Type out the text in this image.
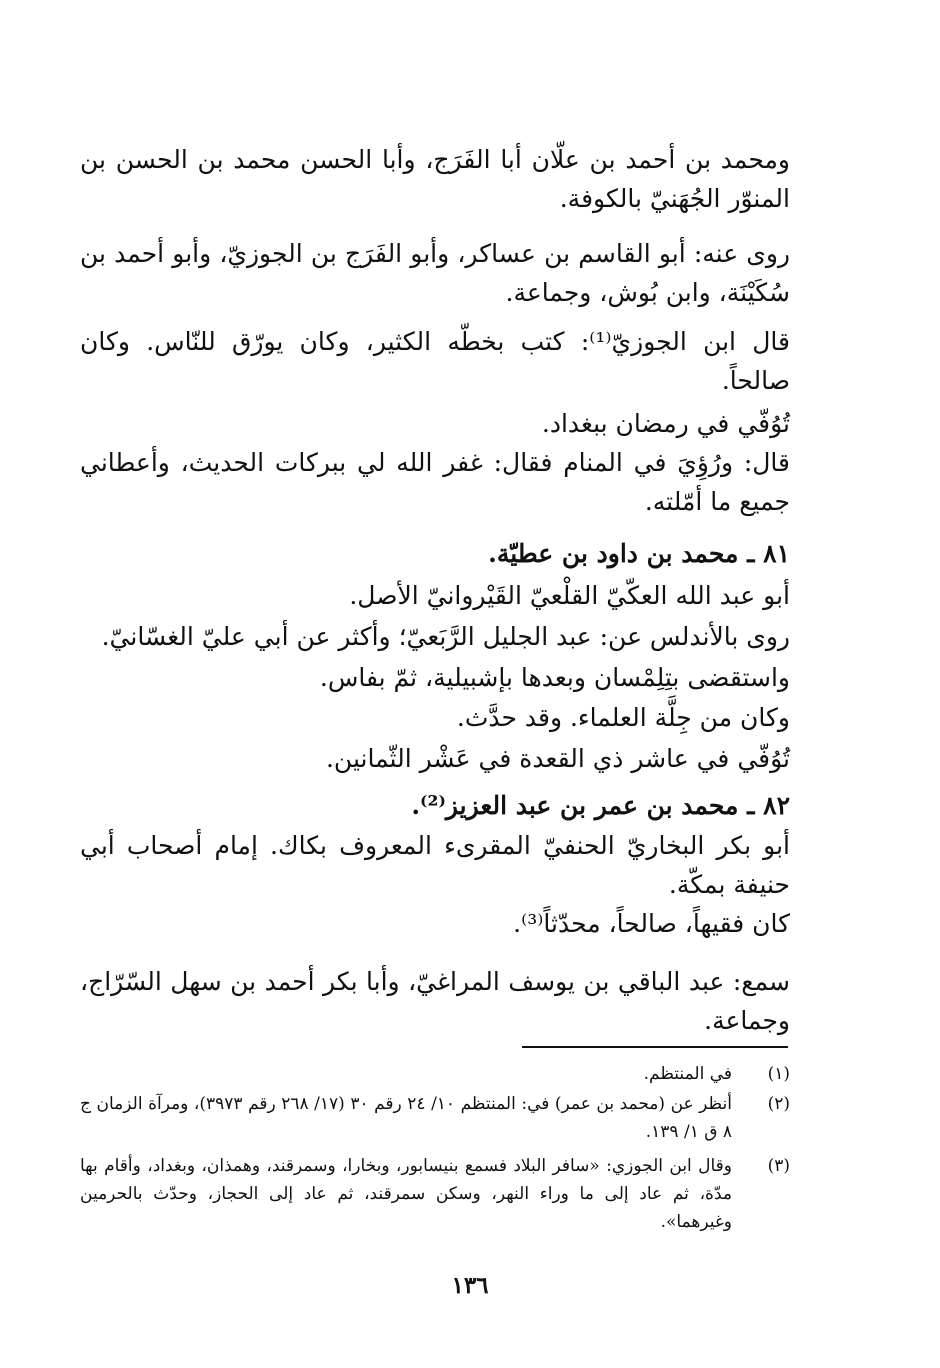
ومحمد بن أحمد بن علّان أبا الفَرَج، وأبا الحسن محمد بن الحسن بن المنوّر الجُهَنيّ بالكوفة.

روى عنه: أبو القاسم بن عساكر، وأبو الفَرَج بن الجوزيّ، وأبو أحمد بن سُكَيْنَة، وابن بُوش، وجماعة.

قال ابن الجوزيّ⁽¹⁾: كتب بخطّه الكثير، وكان يورّق للنّاس. وكان صالحاً.

تُوُفّي في رمضان ببغداد.

قال: ورُؤِيَ في المنام فقال: غفر الله لي ببركات الحديث، وأعطاني جميع ما أمّلته.

٨١ ـ محمد بن داود بن عطيّة.
أبو عبد الله العكّيّ القلْعيّ القَيْروانيّ الأصل.
روى بالأندلس عن: عبد الجليل الرَّبَعيّ؛ وأكثر عن أبي عليّ الغسّانيّ.
واستقضى بتِلِمْسان وبعدها بإشبيلية، ثمّ بفاس.
وكان من جِلَّة العلماء. وقد حدَّث.
تُوُفّي في عاشر ذي القعدة في عَشْر الثّمانين.
٨٢ ـ محمد بن عمر بن عبد العزيز⁽²⁾.

أبو بكر البخاريّ الحنفيّ المقرىء المعروف بكاك. إمام أصحاب أبي حنيفة بمكّة.

كان فقيهاً، صالحاً، محدّثاً⁽³⁾.

سمع: عبد الباقي بن يوسف المراغيّ، وأبا بكر أحمد بن سهل السّرّاج، وجماعة.

(١)
في المنتظم.
(٢)
أنظر عن (محمد بن عمر) في: المنتظم ١٠/ ٢٤ رقم ٣٠ (١٧/ ٢٦٨ رقم ٣٩٧٣)، ومرآة الزمان ج ٨ ق ١/ ١٣٩.
(٣)
وقال ابن الجوزي: «سافر البلاد فسمع بنيسابور، وبخارا، وسمرقند، وهمذان، وبغداد، وأقام بها مدّة، ثم عاد إلى ما وراء النهر، وسكن سمرقند، ثم عاد إلى الحجاز، وحدّث بالحرمين وغيرهما».
١٣٦
